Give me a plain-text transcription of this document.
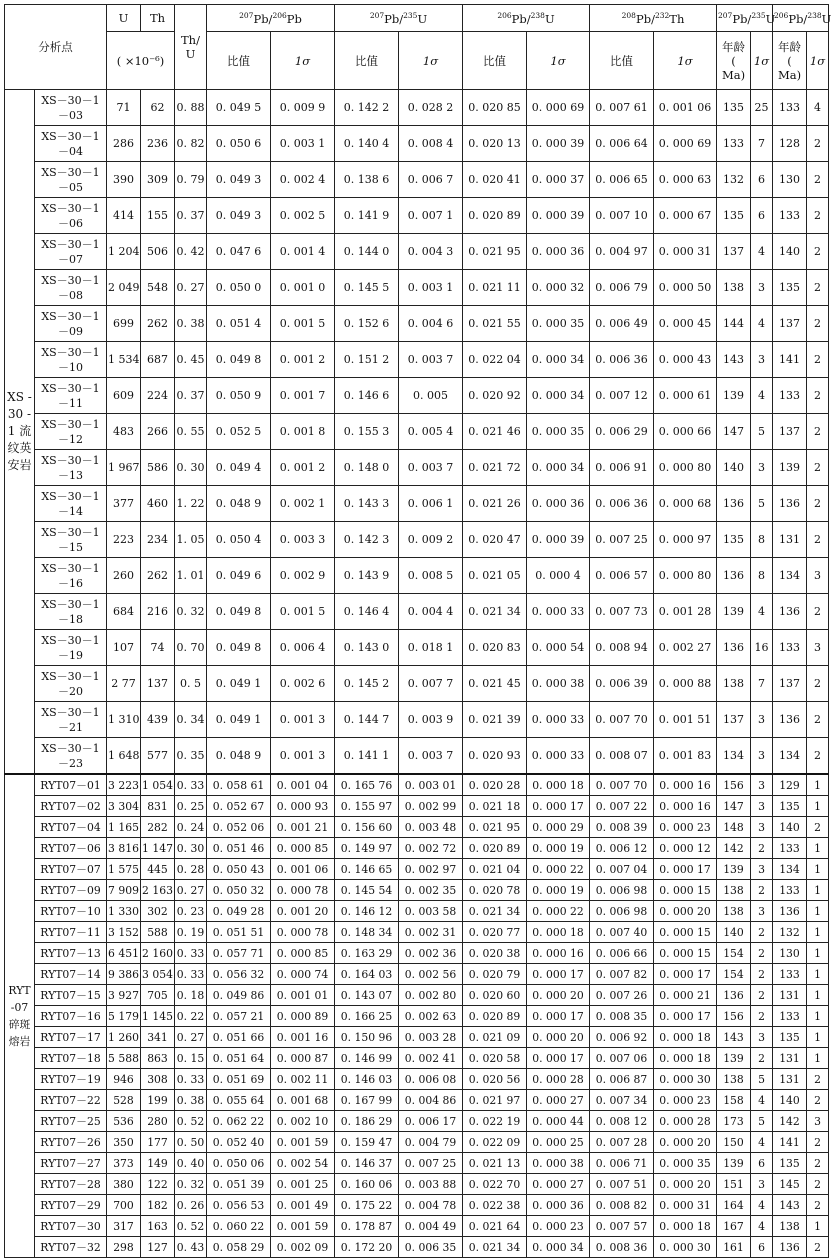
分析点		U	Th	Th/ U	$^{207}$Pb/$^{206}$Pb		$^{207}$Pb/$^{235}$U		$^{206}$Pb/$^{238}$U		$^{208}$Pb/$^{232}$Th		$^{207}$Pb/$^{235}$U		$^{206}$Pb/$^{238}$U	
		( ×10⁻⁶)			比值	1σ	比值	1σ	比值	1σ	比值	1σ	年龄 ( Ma)	1σ	年龄 ( Ma)	1σ
XS - 30 - 1 流纹英安岩	XS－30－1－03	71	62	0. 88	0. 049 5	0. 009 9	0. 142 2	0. 028 2	0. 020 85	0. 000 69	0. 007 61	0. 001 06	135	25	133	4
	XS－30－1－04	286	236	0. 82	0. 050 6	0. 003 1	0. 140 4	0. 008 4	0. 020 13	0. 000 39	0. 006 64	0. 000 69	133	7	128	2
	XS－30－1－05	390	309	0. 79	0. 049 3	0. 002 4	0. 138 6	0. 006 7	0. 020 41	0. 000 37	0. 006 65	0. 000 63	132	6	130	2
	XS－30－1－06	414	155	0. 37	0. 049 3	0. 002 5	0. 141 9	0. 007 1	0. 020 89	0. 000 39	0. 007 10	0. 000 67	135	6	133	2
	XS－30－1－07	1 204	506	0. 42	0. 047 6	0. 001 4	0. 144 0	0. 004 3	0. 021 95	0. 000 36	0. 004 97	0. 000 31	137	4	140	2
	XS－30－1－08	2 049	548	0. 27	0. 050 0	0. 001 0	0. 145 5	0. 003 1	0. 021 11	0. 000 32	0. 006 79	0. 000 50	138	3	135	2
	XS－30－1－09	699	262	0. 38	0. 051 4	0. 001 5	0. 152 6	0. 004 6	0. 021 55	0. 000 35	0. 006 49	0. 000 45	144	4	137	2
	XS－30－1－10	1 534	687	0. 45	0. 049 8	0. 001 2	0. 151 2	0. 003 7	0. 022 04	0. 000 34	0. 006 36	0. 000 43	143	3	141	2
	XS－30－1－11	609	224	0. 37	0. 050 9	0. 001 7	0. 146 6	0. 005	0. 020 92	0. 000 34	0. 007 12	0. 000 61	139	4	133	2
	XS－30－1－12	483	266	0. 55	0. 052 5	0. 001 8	0. 155 3	0. 005 4	0. 021 46	0. 000 35	0. 006 29	0. 000 66	147	5	137	2
	XS－30－1－13	1 967	586	0. 30	0. 049 4	0. 001 2	0. 148 0	0. 003 7	0. 021 72	0. 000 34	0. 006 91	0. 000 80	140	3	139	2
	XS－30－1－14	377	460	1. 22	0. 048 9	0. 002 1	0. 143 3	0. 006 1	0. 021 26	0. 000 36	0. 006 36	0. 000 68	136	5	136	2
	XS－30－1－15	223	234	1. 05	0. 050 4	0. 003 3	0. 142 3	0. 009 2	0. 020 47	0. 000 39	0. 007 25	0. 000 97	135	8	131	2
	XS－30－1－16	260	262	1. 01	0. 049 6	0. 002 9	0. 143 9	0. 008 5	0. 021 05	0. 000 4	0. 006 57	0. 000 80	136	8	134	3
	XS－30－1－18	684	216	0. 32	0. 049 8	0. 001 5	0. 146 4	0. 004 4	0. 021 34	0. 000 33	0. 007 73	0. 001 28	139	4	136	2
	XS－30－1－19	107	74	0. 70	0. 049 8	0. 006 4	0. 143 0	0. 018 1	0. 020 83	0. 000 54	0. 008 94	0. 002 27	136	16	133	3
	XS－30－1－20	2 77	137	0. 5	0. 049 1	0. 002 6	0. 145 2	0. 007 7	0. 021 45	0. 000 38	0. 006 39	0. 000 88	138	7	137	2
	XS－30－1－21	1 310	439	0. 34	0. 049 1	0. 001 3	0. 144 7	0. 003 9	0. 021 39	0. 000 33	0. 007 70	0. 001 51	137	3	136	2
	XS－30－1－23	1 648	577	0. 35	0. 048 9	0. 001 3	0. 141 1	0. 003 7	0. 020 93	0. 000 33	0. 008 07	0. 001 83	134	3	134	2
RYT -07 碎斑熔岩	RYT07－01	3 223	1 054	0. 33	0. 058 61	0. 001 04	0. 165 76	0. 003 01	0. 020 28	0. 000 18	0. 007 70	0. 000 16	156	3	129	1
	RYT07－02	3 304	831	0. 25	0. 052 67	0. 000 93	0. 155 97	0. 002 99	0. 021 18	0. 000 17	0. 007 22	0. 000 16	147	3	135	1
	RYT07－04	1 165	282	0. 24	0. 052 06	0. 001 21	0. 156 60	0. 003 48	0. 021 95	0. 000 29	0. 008 39	0. 000 23	148	3	140	2
	RYT07－06	3 816	1 147	0. 30	0. 051 46	0. 000 85	0. 149 97	0. 002 72	0. 020 89	0. 000 19	0. 006 12	0. 000 12	142	2	133	1
	RYT07－07	1 575	445	0. 28	0. 050 43	0. 001 06	0. 146 65	0. 002 97	0. 021 04	0. 000 22	0. 007 04	0. 000 17	139	3	134	1
	RYT07－09	7 909	2 163	0. 27	0. 050 32	0. 000 78	0. 145 54	0. 002 35	0. 020 78	0. 000 19	0. 006 98	0. 000 15	138	2	133	1
	RYT07－10	1 330	302	0. 23	0. 049 28	0. 001 20	0. 146 12	0. 003 58	0. 021 34	0. 000 22	0. 006 98	0. 000 20	138	3	136	1
	RYT07－11	3 152	588	0. 19	0. 051 51	0. 000 78	0. 148 34	0. 002 31	0. 020 77	0. 000 18	0. 007 40	0. 000 15	140	2	132	1
	RYT07－13	6 451	2 160	0. 33	0. 057 71	0. 000 85	0. 163 29	0. 002 36	0. 020 38	0. 000 16	0. 006 66	0. 000 15	154	2	130	1
	RYT07－14	9 386	3 054	0. 33	0. 056 32	0. 000 74	0. 164 03	0. 002 56	0. 020 79	0. 000 17	0. 007 82	0. 000 17	154	2	133	1
	RYT07－15	3 927	705	0. 18	0. 049 86	0. 001 01	0. 143 07	0. 002 80	0. 020 60	0. 000 20	0. 007 26	0. 000 21	136	2	131	1
	RYT07－16	5 179	1 145	0. 22	0. 057 21	0. 000 89	0. 166 25	0. 002 63	0. 020 89	0. 000 17	0. 008 35	0. 000 17	156	2	133	1
	RYT07－17	1 260	341	0. 27	0. 051 66	0. 001 16	0. 150 96	0. 003 28	0. 021 09	0. 000 20	0. 006 92	0. 000 18	143	3	135	1
	RYT07－18	5 588	863	0. 15	0. 051 64	0. 000 87	0. 146 99	0. 002 41	0. 020 58	0. 000 17	0. 007 06	0. 000 18	139	2	131	1
	RYT07－19	946	308	0. 33	0. 051 69	0. 002 11	0. 146 03	0. 006 08	0. 020 56	0. 000 28	0. 006 87	0. 000 30	138	5	131	2
	RYT07－22	528	199	0. 38	0. 055 64	0. 001 68	0. 167 99	0. 004 86	0. 021 97	0. 000 27	0. 007 34	0. 000 23	158	4	140	2
	RYT07－25	536	280	0. 52	0. 062 22	0. 002 10	0. 186 29	0. 006 17	0. 022 19	0. 000 44	0. 008 12	0. 000 28	173	5	142	3
	RYT07－26	350	177	0. 50	0. 052 40	0. 001 59	0. 159 47	0. 004 79	0. 022 09	0. 000 25	0. 007 28	0. 000 20	150	4	141	2
	RYT07－27	373	149	0. 40	0. 050 06	0. 002 54	0. 146 37	0. 007 25	0. 021 13	0. 000 38	0. 006 71	0. 000 35	139	6	135	2
	RYT07－28	380	122	0. 32	0. 051 39	0. 001 25	0. 160 06	0. 003 88	0. 022 70	0. 000 27	0. 007 51	0. 000 20	151	3	145	2
	RYT07－29	700	182	0. 26	0. 056 53	0. 001 49	0. 175 22	0. 004 78	0. 022 38	0. 000 36	0. 008 82	0. 000 31	164	4	143	2
	RYT07－30	317	163	0. 52	0. 060 22	0. 001 59	0. 178 87	0. 004 49	0. 021 64	0. 000 23	0. 007 57	0. 000 18	167	4	138	1
	RYT07－32	298	127	0. 43	0. 058 29	0. 002 09	0. 172 20	0. 006 35	0. 021 34	0. 000 34	0. 008 36	0. 000 30	161	6	136	2
